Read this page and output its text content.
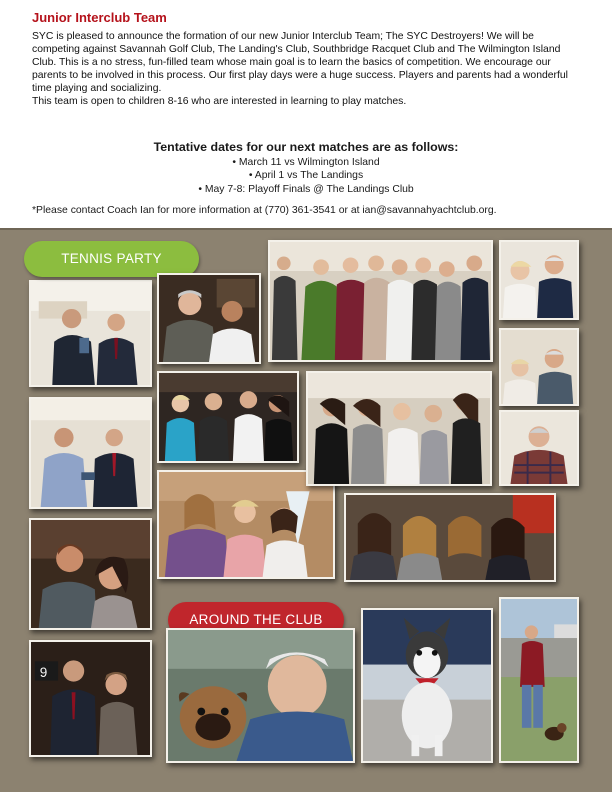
Junior Interclub Team

SYC is pleased to announce the formation of our new Junior Interclub Team; The SYC Destroyers! We will be competing against Savannah Golf Club, The Landing's Club, Southbridge Racquet Club and The Wilmington Island Club. This is a no stress, fun-filled team whose main goal is to learn the basics of competition. We encourage our parents to be involved in this process. Our first play days were a huge success. Players and parents had a wonderful time playing and socializing.

This team is open to children 8-16 who are interested in learning to play matches.

Tentative dates for our next matches are as follows:
• March 11 vs Wilmington Island
• April 1 vs The Landings
• May 7-8: Playoff Finals @ The Landings Club
*Please contact Coach Ian for more information at (770) 361-3541 or at ian@savannahyachtclub.org.
9
TENNIS PARTY
AROUND THE CLUB
